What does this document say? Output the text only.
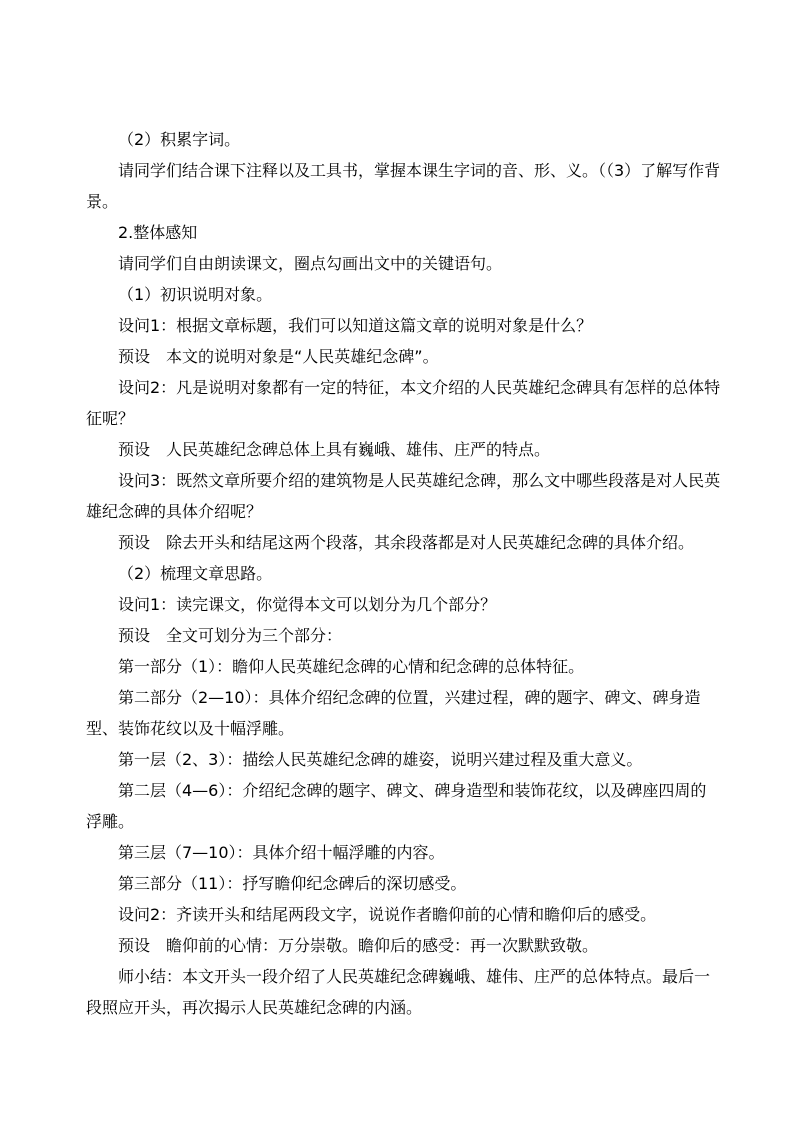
（2）积累字词。

请同学们结合课下注释以及工具书，掌握本课生字词的音、形、义。（（3）了解写作背景。

2.整体感知

请同学们自由朗读课文，圈点勾画出文中的关键语句。

（1）初识说明对象。

设问1：根据文章标题，我们可以知道这篇文章的说明对象是什么？

预设　本文的说明对象是“人民英雄纪念碑”。

设问2：凡是说明对象都有一定的特征，本文介绍的人民英雄纪念碑具有怎样的总体特征呢？

预设　人民英雄纪念碑总体上具有巍峨、雄伟、庄严的特点。

设问3：既然文章所要介绍的建筑物是人民英雄纪念碑，那么文中哪些段落是对人民英雄纪念碑的具体介绍呢？

预设　除去开头和结尾这两个段落，其余段落都是对人民英雄纪念碑的具体介绍。

（2）梳理文章思路。

设问1：读完课文，你觉得本文可以划分为几个部分？

预设　全文可划分为三个部分：

第一部分（1）：瞻仰人民英雄纪念碑的心情和纪念碑的总体特征。

第二部分（2—10）：具体介绍纪念碑的位置，兴建过程，碑的题字、碑文、碑身造型、装饰花纹以及十幅浮雕。

第一层（2、3）：描绘人民英雄纪念碑的雄姿，说明兴建过程及重大意义。

第二层（4—6）：介绍纪念碑的题字、碑文、碑身造型和装饰花纹，以及碑座四周的浮雕。

第三层（7—10）：具体介绍十幅浮雕的内容。

第三部分（11）：抒写瞻仰纪念碑后的深切感受。

设问2：齐读开头和结尾两段文字，说说作者瞻仰前的心情和瞻仰后的感受。

预设　瞻仰前的心情：万分崇敬。瞻仰后的感受：再一次默默致敬。

师小结：本文开头一段介绍了人民英雄纪念碑巍峨、雄伟、庄严的总体特点。最后一段照应开头，再次揭示人民英雄纪念碑的内涵。
